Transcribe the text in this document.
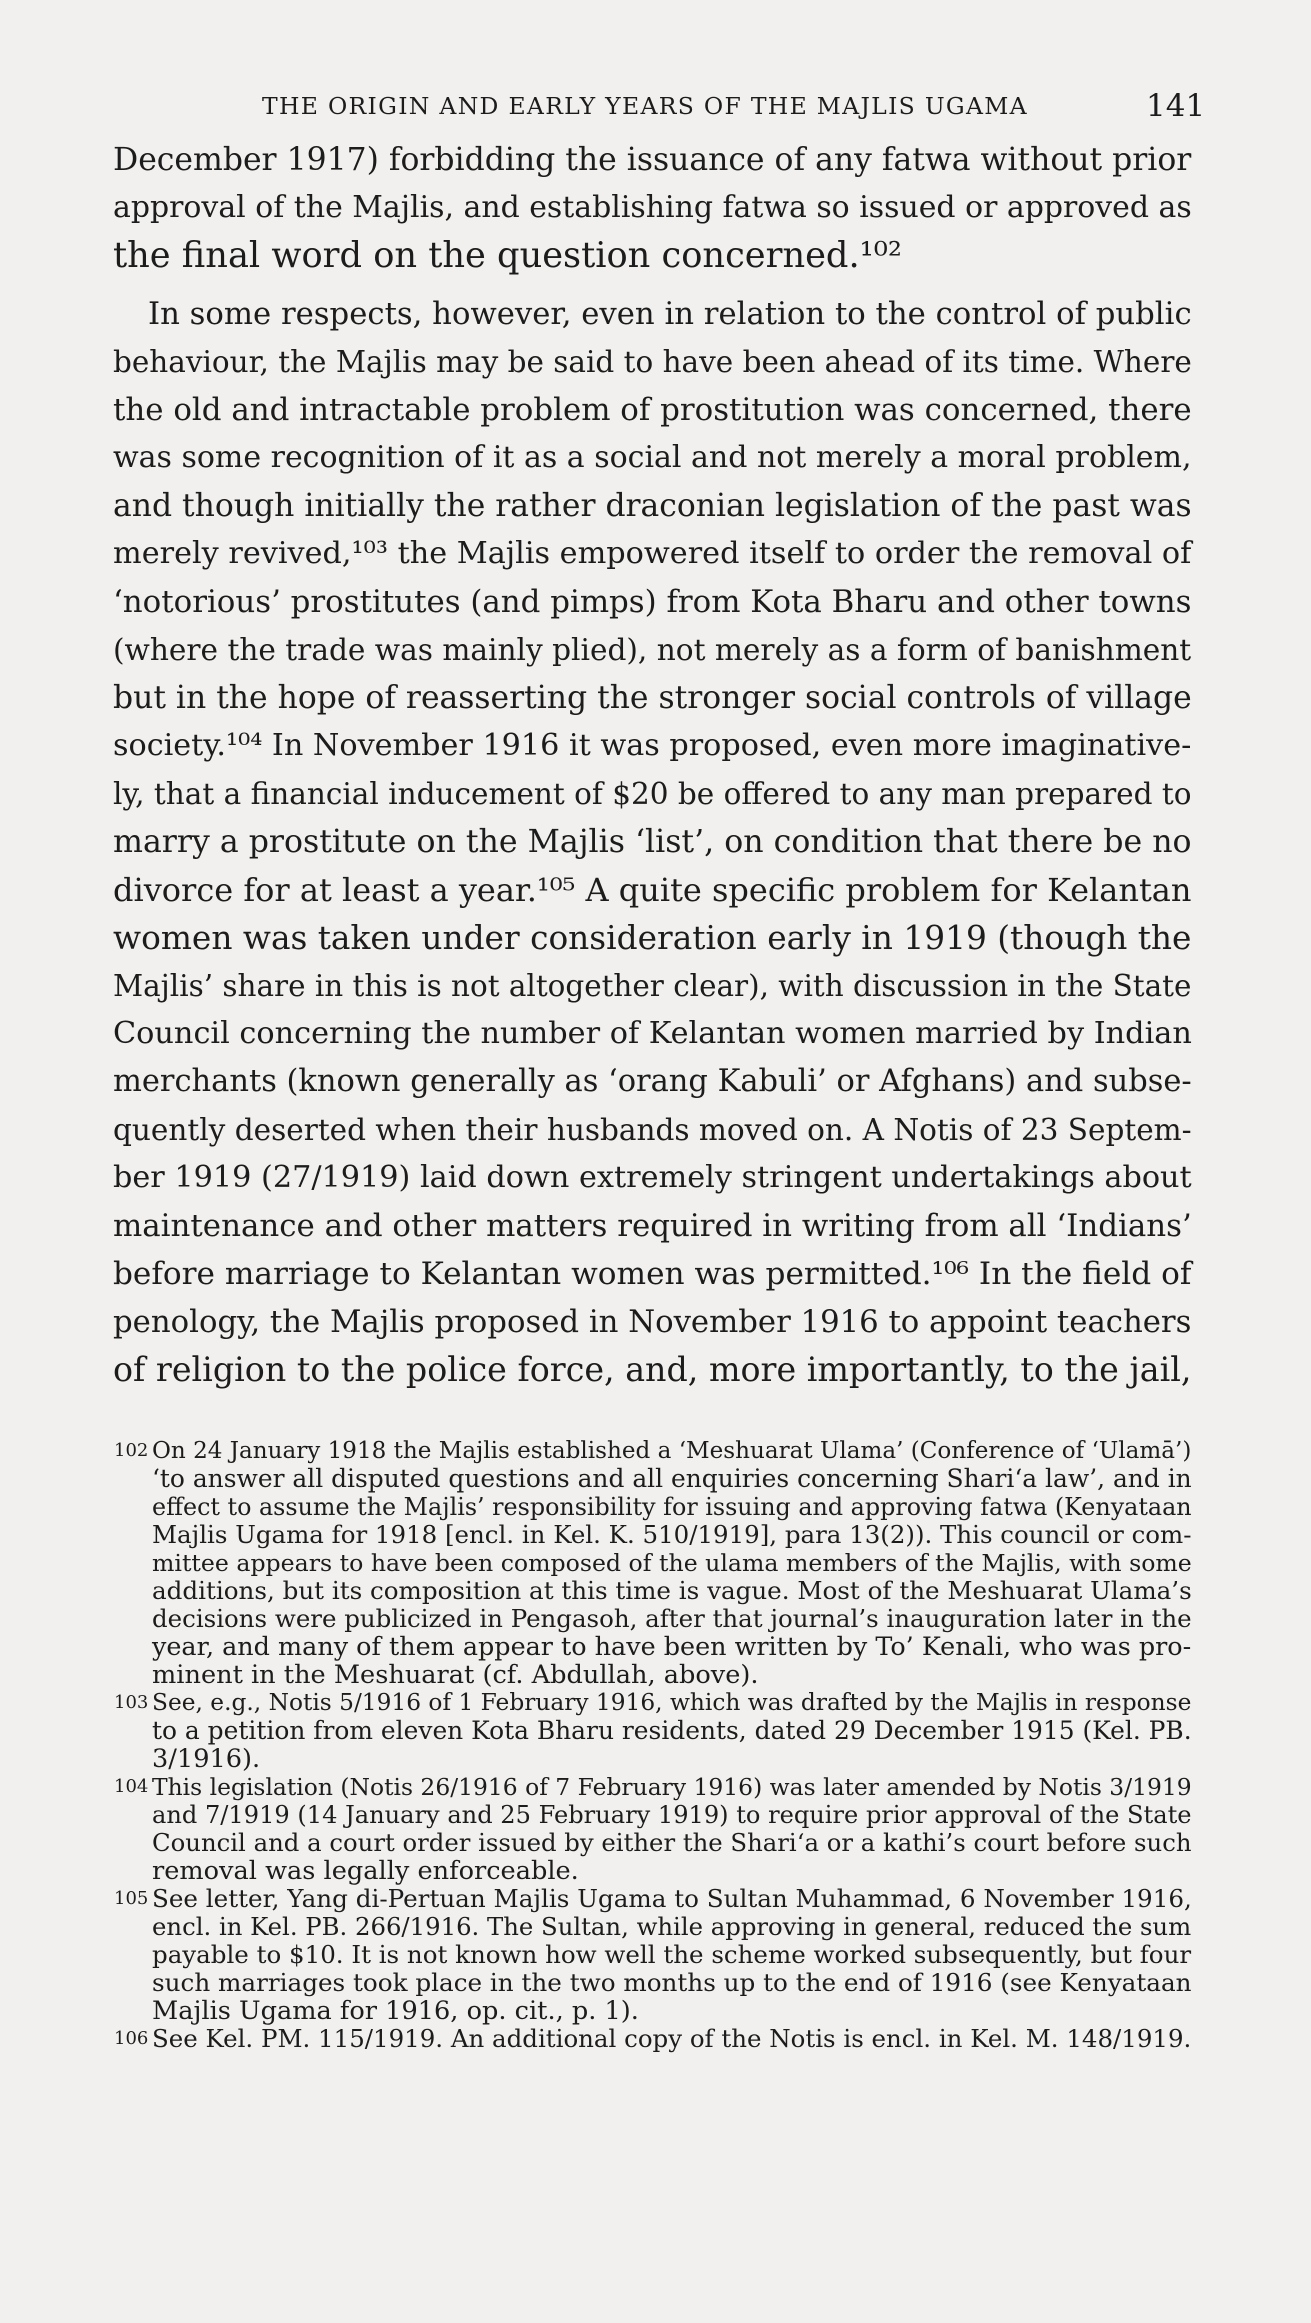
THE ORIGIN AND EARLY YEARS OF THE MAJLIS UGAMA	141
December 1917) forbidding the issuance of any fatwa without prior
approval of the Majlis, and establishing fatwa so issued or approved as
the final word on the question concerned.¹⁰²
In some respects, however, even in relation to the control of public
behaviour, the Majlis may be said to have been ahead of its time. Where
the old and intractable problem of prostitution was concerned, there
was some recognition of it as a social and not merely a moral problem,
and though initially the rather draconian legislation of the past was
merely revived,¹⁰³ the Majlis empowered itself to order the removal of
‘notorious’ prostitutes (and pimps) from Kota Bharu and other towns
(where the trade was mainly plied), not merely as a form of banishment
but in the hope of reasserting the stronger social controls of village
society.¹⁰⁴ In November 1916 it was proposed, even more imaginative-
ly, that a financial inducement of $20 be offered to any man prepared to
marry a prostitute on the Majlis ‘list’, on condition that there be no
divorce for at least a year.¹⁰⁵ A quite specific problem for Kelantan
women was taken under consideration early in 1919 (though the
Majlis’ share in this is not altogether clear), with discussion in the State
Council concerning the number of Kelantan women married by Indian
merchants (known generally as ‘orang Kabuli’ or Afghans) and subse-
quently deserted when their husbands moved on. A Notis of 23 Septem-
ber 1919 (27/1919) laid down extremely stringent undertakings about
maintenance and other matters required in writing from all ‘Indians’
before marriage to Kelantan women was permitted.¹⁰⁶ In the field of
penology, the Majlis proposed in November 1916 to appoint teachers
of religion to the police force, and, more importantly, to the jail,
102 On 24 January 1918 the Majlis established a ‘Meshuarat Ulama’ (Conference of ‘Ulamā’)
‘to answer all disputed questions and all enquiries concerning Shari‘a law’, and in
effect to assume the Majlis’ responsibility for issuing and approving fatwa (Kenyataan
Majlis Ugama for 1918 [encl. in Kel. K. 510/1919], para 13(2)). This council or com-
mittee appears to have been composed of the ulama members of the Majlis, with some
additions, but its composition at this time is vague. Most of the Meshuarat Ulama’s
decisions were publicized in Pengasoh, after that journal’s inauguration later in the
year, and many of them appear to have been written by To’ Kenali, who was pro-
minent in the Meshuarat (cf. Abdullah, above).
103 See, e.g., Notis 5/1916 of 1 February 1916, which was drafted by the Majlis in response
to a petition from eleven Kota Bharu residents, dated 29 December 1915 (Kel. PB.
3/1916).
104 This legislation (Notis 26/1916 of 7 February 1916) was later amended by Notis 3/1919
and 7/1919 (14 January and 25 February 1919) to require prior approval of the State
Council and a court order issued by either the Shari‘a or a kathi’s court before such
removal was legally enforceable.
105 See letter, Yang di-Pertuan Majlis Ugama to Sultan Muhammad, 6 November 1916,
encl. in Kel. PB. 266/1916. The Sultan, while approving in general, reduced the sum
payable to $10. It is not known how well the scheme worked subsequently, but four
such marriages took place in the two months up to the end of 1916 (see Kenyataan
Majlis Ugama for 1916, op. cit., p. 1).
106 See Kel. PM. 115/1919. An additional copy of the Notis is encl. in Kel. M. 148/1919.
